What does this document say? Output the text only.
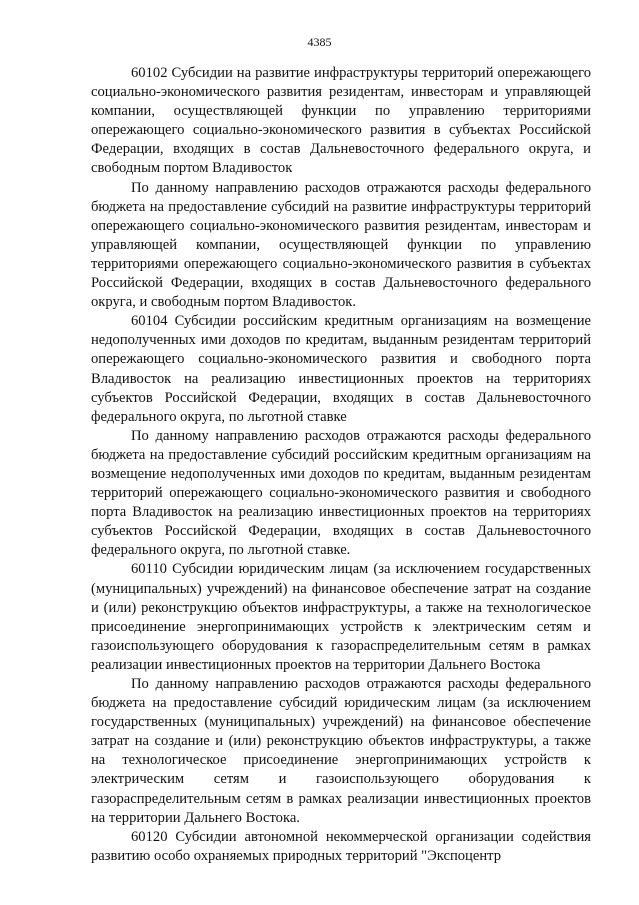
4385

60102 Субсидии на развитие инфраструктуры территорий опережающего социально-экономического развития резидентам, инвесторам и управляющей компании, осуществляющей функции по управлению территориями опережающего социально-экономического развития в субъектах Российской Федерации, входящих в состав Дальневосточного федерального округа, и свободным портом Владивосток

По данному направлению расходов отражаются расходы федерального бюджета на предоставление субсидий на развитие инфраструктуры территорий опережающего социально-экономического развития резидентам, инвесторам и управляющей компании, осуществляющей функции по управлению территориями опережающего социально-экономического развития в субъектах Российской Федерации, входящих в состав Дальневосточного федерального округа, и свободным портом Владивосток.

60104 Субсидии российским кредитным организациям на возмещение недополученных ими доходов по кредитам, выданным резидентам территорий опережающего социально-экономического развития и свободного порта Владивосток на реализацию инвестиционных проектов на территориях субъектов Российской Федерации, входящих в состав Дальневосточного федерального округа, по льготной ставке

По данному направлению расходов отражаются расходы федерального бюджета на предоставление субсидий российским кредитным организациям на возмещение недополученных ими доходов по кредитам, выданным резидентам территорий опережающего социально-экономического развития и свободного порта Владивосток на реализацию инвестиционных проектов на территориях субъектов Российской Федерации, входящих в состав Дальневосточного федерального округа, по льготной ставке.

60110 Субсидии юридическим лицам (за исключением государственных (муниципальных) учреждений) на финансовое обеспечение затрат на создание и (или) реконструкцию объектов инфраструктуры, а также на технологическое присоединение энергопринимающих устройств к электрическим сетям и газоиспользующего оборудования к газораспределительным сетям в рамках реализации инвестиционных проектов на территории Дальнего Востока

По данному направлению расходов отражаются расходы федерального бюджета на предоставление субсидий юридическим лицам (за исключением государственных (муниципальных) учреждений) на финансовое обеспечение затрат на создание и (или) реконструкцию объектов инфраструктуры, а также на технологическое присоединение энергопринимающих устройств к электрическим сетям и газоиспользующего оборудования к газораспределительным сетям в рамках реализации инвестиционных проектов на территории Дальнего Востока.

60120 Субсидии автономной некоммерческой организации содействия развитию особо охраняемых природных территорий "Экспоцентр
